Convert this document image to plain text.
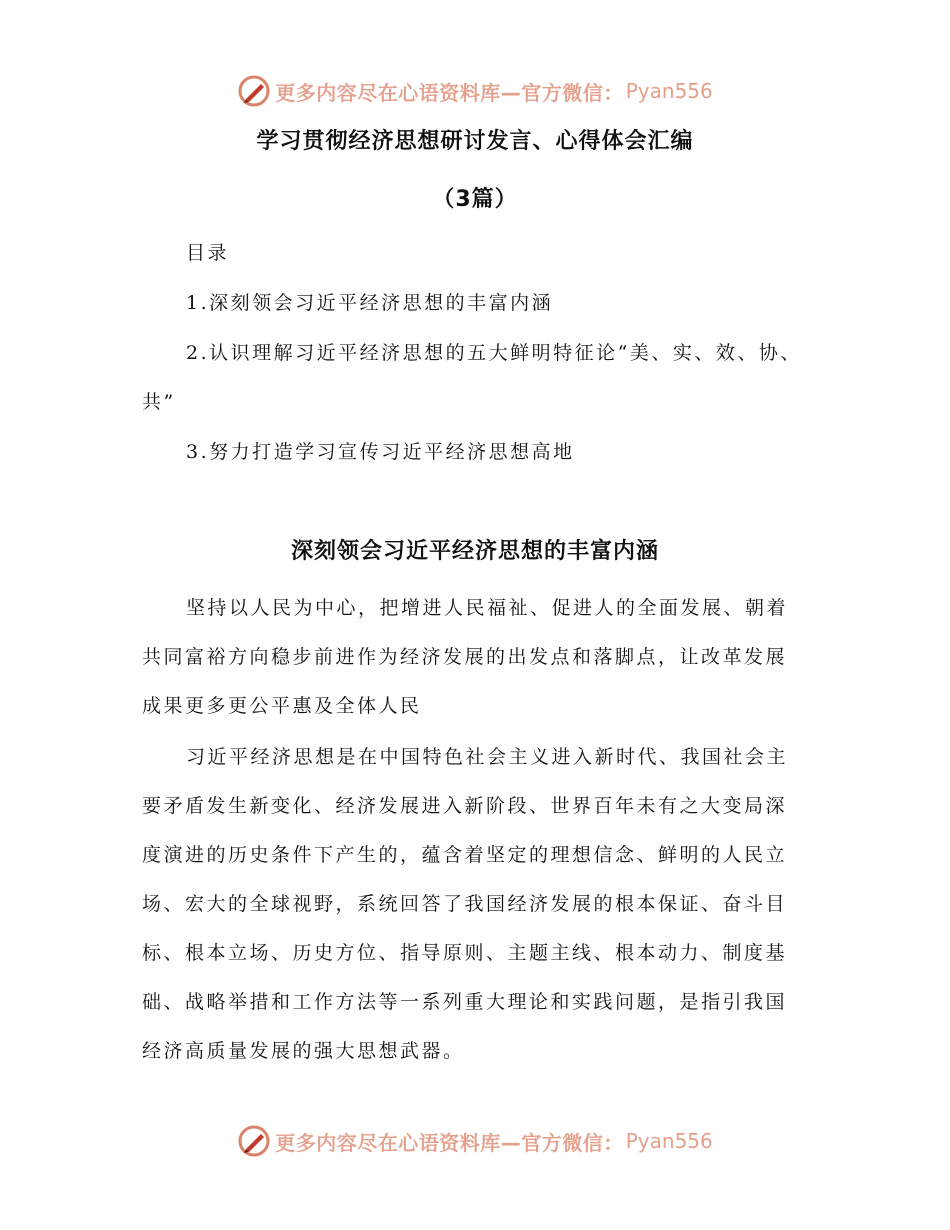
更多内容尽在心语资料库—官方微信： Pyan556
学习贯彻经济思想研讨发言、心得体会汇编
（3篇）
目录
1.深刻领会习近平经济思想的丰富内涵
2.认识理解习近平经济思想的五大鲜明特征论“美、实、效、协、
共”
3.努力打造学习宣传习近平经济思想高地
深刻领会习近平经济思想的丰富内涵
坚持以人民为中心，把增进人民福祉、促进人的全面发展、朝着
共同富裕方向稳步前进作为经济发展的出发点和落脚点，让改革发展
成果更多更公平惠及全体人民
习近平经济思想是在中国特色社会主义进入新时代、我国社会主
要矛盾发生新变化、经济发展进入新阶段、世界百年未有之大变局深
度演进的历史条件下产生的，蕴含着坚定的理想信念、鲜明的人民立
场、宏大的全球视野，系统回答了我国经济发展的根本保证、奋斗目
标、根本立场、历史方位、指导原则、主题主线、根本动力、制度基
础、战略举措和工作方法等一系列重大理论和实践问题，是指引我国
经济高质量发展的强大思想武器。
更多内容尽在心语资料库—官方微信： Pyan556
